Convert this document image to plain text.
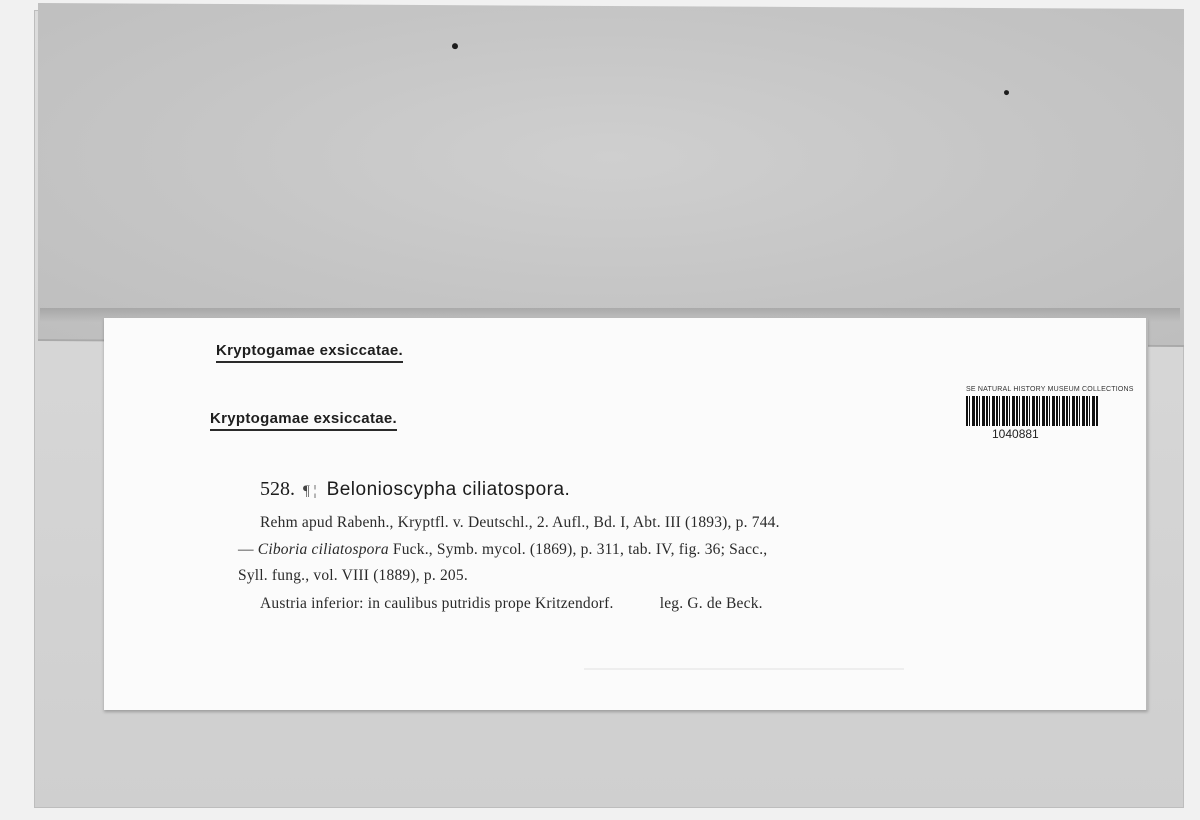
Kryptogamae exsiccatae.
Kryptogamae exsiccatae.
SE NATURAL HISTORY MUSEUM COLLECTIONS
1040881
528. ¶ ¦ Belonioscypha ciliatospora.
Rehm apud Rabenh., Kryptfl. v. Deutschl., 2. Aufl., Bd. I, Abt. III (1893), p. 744.
— Ciboria ciliatospora Fuck., Symb. mycol. (1869), p. 311, tab. IV, fig. 36; Sacc.,
Syll. fung., vol. VIII (1889), p. 205.
Austria inferior: in caulibus putridis prope Kritzendorf.	leg. G. de Beck.
